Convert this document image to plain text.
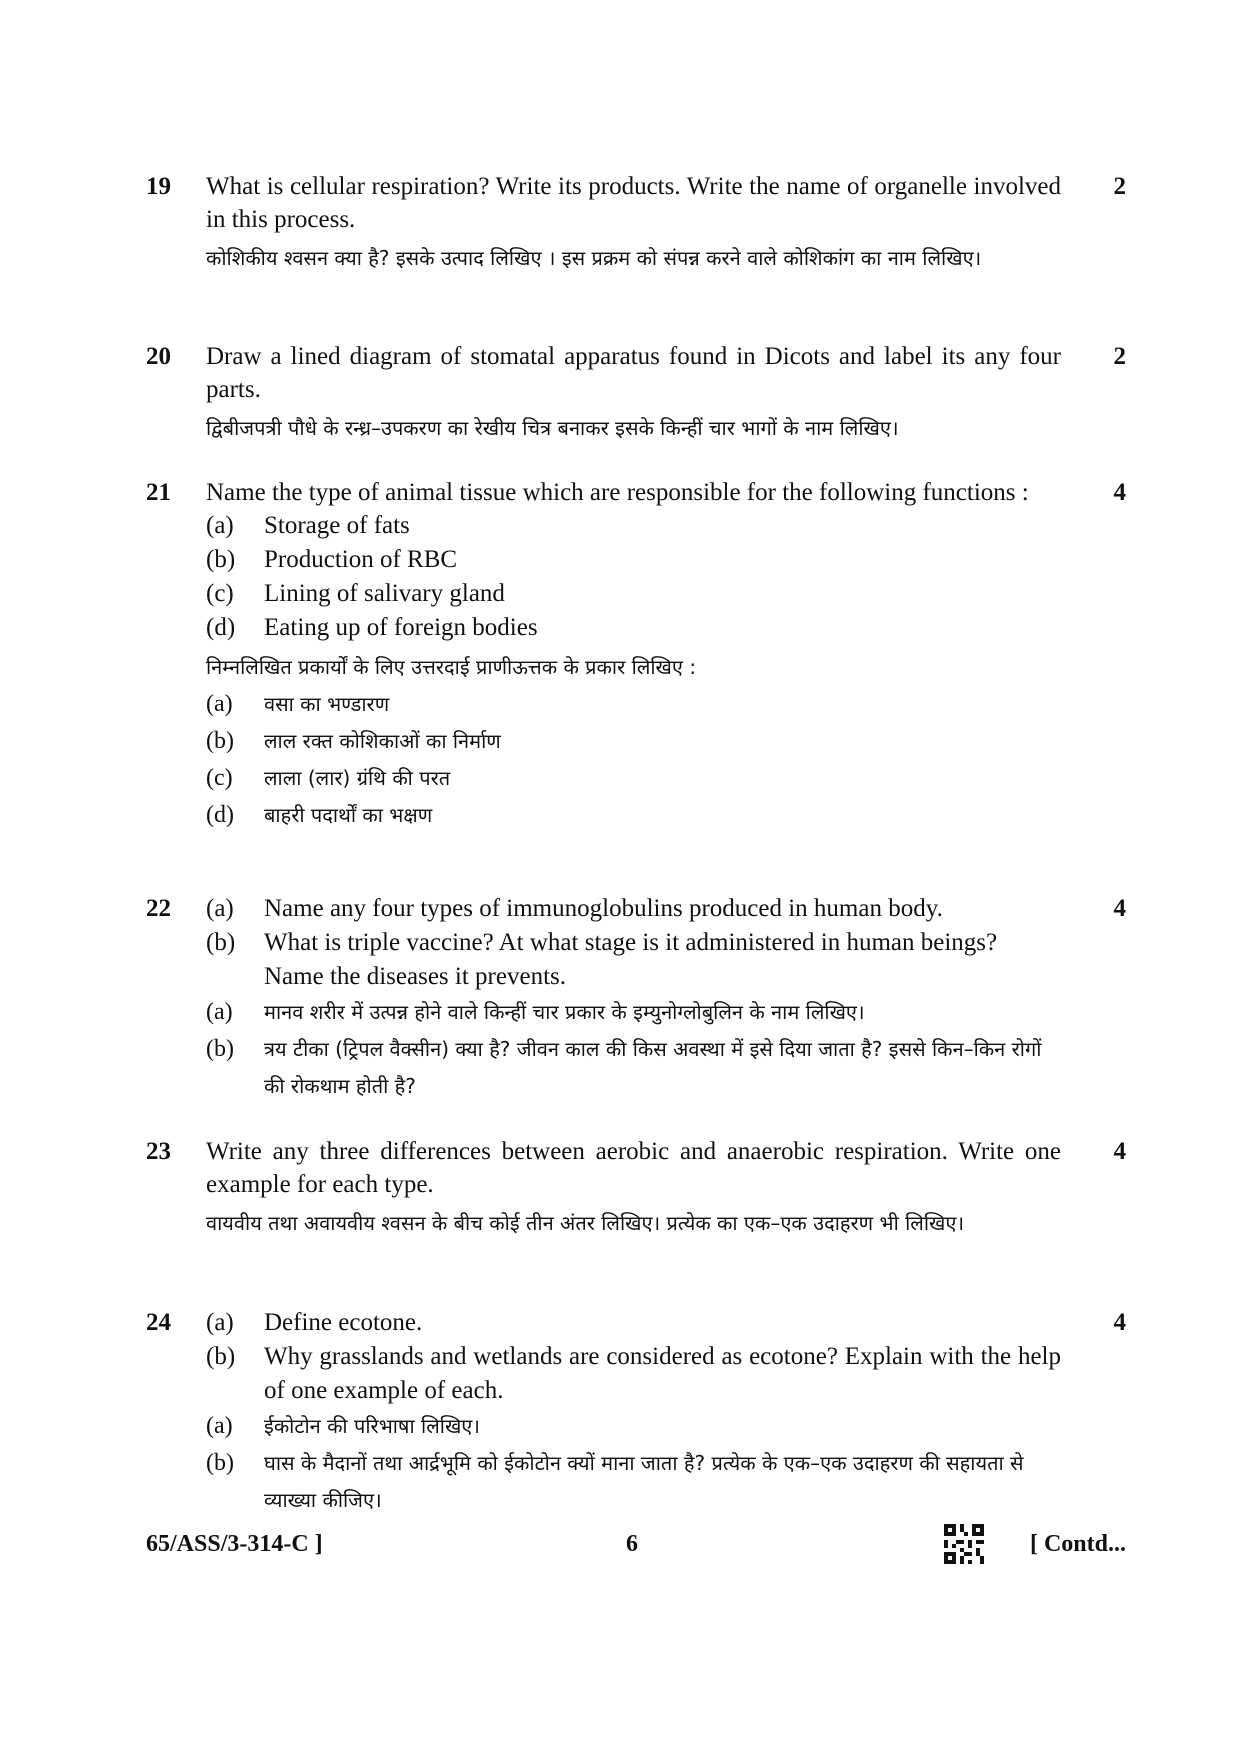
19	2
What is cellular respiration? Write its products. Write the name of organelle involved in this process.
कोशिकीय श्वसन क्या है? इसके उत्पाद लिखिए । इस प्रक्रम को संपन्न करने वाले कोशिकांग का नाम लिखिए।
20	2
Draw a lined diagram of stomatal apparatus found in Dicots and label its any four parts.
द्विबीजपत्री पौधे के रन्ध्र–उपकरण का रेखीय चित्र बनाकर इसके किन्हीं चार भागों के नाम लिखिए।
21	4
Name the type of animal tissue which are responsible for the following functions :
(a)	Storage of fats
(b)	Production of RBC
(c)	Lining of salivary gland
(d)	Eating up of foreign bodies
निम्नलिखित प्रकार्यों के लिए उत्तरदाई प्राणीऊत्तक के प्रकार लिखिए :
(a)	वसा का भण्डारण
(b)	लाल रक्त कोशिकाओं का निर्माण
(c)	लाला (लार) ग्रंथि की परत
(d)	बाहरी पदार्थों का भक्षण
22	4
(a)	Name any four types of immunoglobulins produced in human body.
(b)	What is triple vaccine? At what stage is it administered in human beings? Name the diseases it prevents.
(a)	मानव शरीर में उत्पन्न होने वाले किन्हीं चार प्रकार के इम्युनोग्लोबुलिन के नाम लिखिए।
(b)	त्रय टीका (ट्रिपल वैक्सीन) क्या है? जीवन काल की किस अवस्था में इसे दिया जाता है? इससे किन–किन रोगों की रोकथाम होती है?
23	4
Write any three differences between aerobic and anaerobic respiration. Write one example for each type.
वायवीय तथा अवायवीय श्वसन के बीच कोई तीन अंतर लिखिए। प्रत्येक का एक–एक उदाहरण भी लिखिए।
24	4
(a)	Define ecotone.
(b)	Why grasslands and wetlands are considered as ecotone? Explain with the help of one example of each.
(a)	ईकोटोन की परिभाषा लिखिए।
(b)	घास के मैदानों तथा आर्द्रभूमि को ईकोटोन क्यों माना जाता है? प्रत्येक के एक–एक उदाहरण की सहायता से व्याख्या कीजिए।
65/ASS/3-314-C ]	6	[ Contd...
